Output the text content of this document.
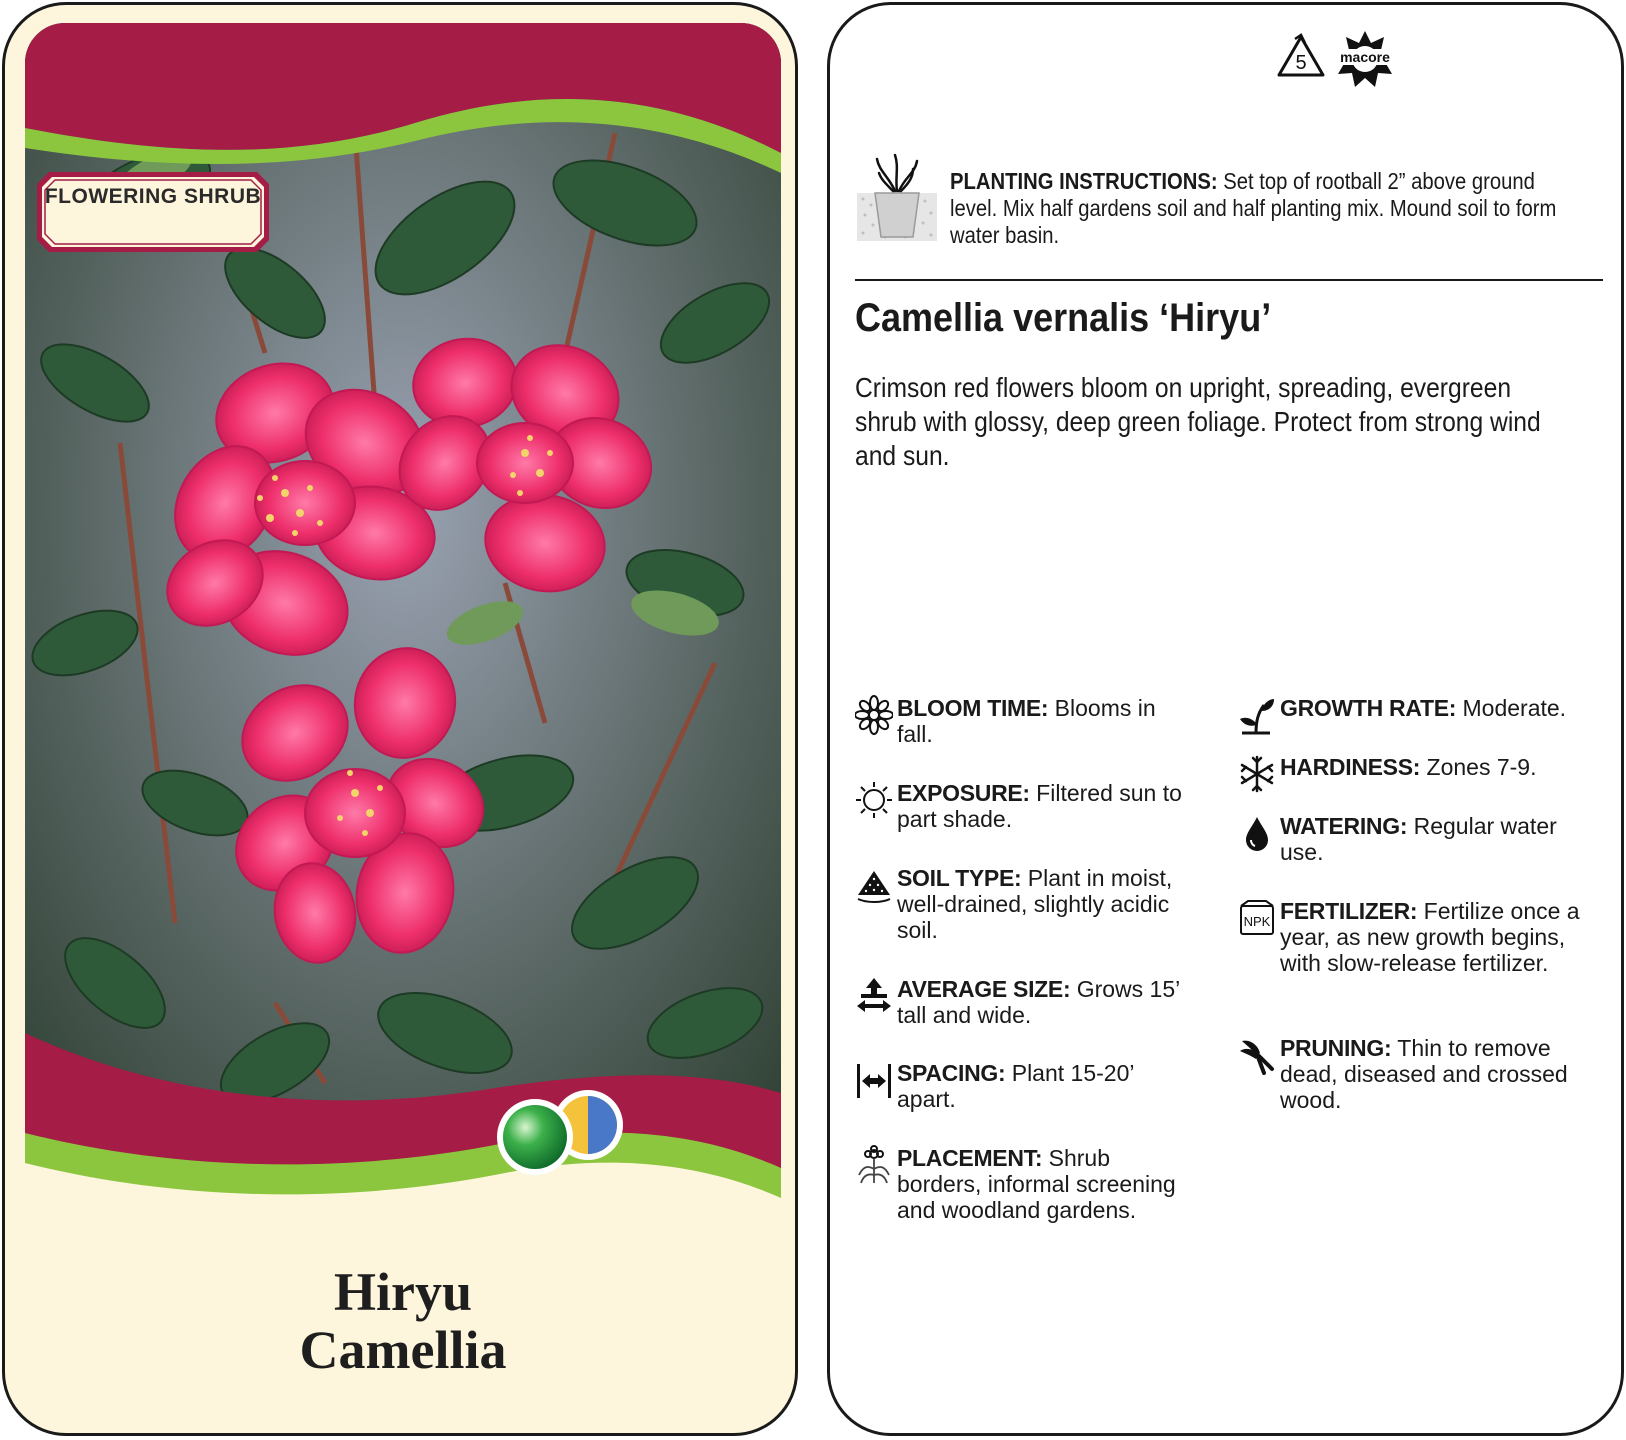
FLOWERING SHRUB
Hiryu
Camellia
5	macore
PLANTING INSTRUCTIONS: Set top of rootball 2” above ground level. Mix half gardens soil and half planting mix. Mound soil to form water basin.
Camellia vernalis ‘Hiryu’
Crimson red flowers bloom on upright, spreading, evergreen shrub with glossy, deep green foliage. Protect from strong wind and sun.
BLOOM TIME: Blooms in fall.
EXPOSURE: Filtered sun to part shade.
SOIL TYPE: Plant in moist, well-drained, slightly acidic soil.
AVERAGE SIZE: Grows 15’ tall and wide.
SPACING: Plant 15-20’ apart.
PLACEMENT: Shrub borders, informal screening and woodland gardens.
GROWTH RATE: Moderate.
HARDINESS: Zones 7-9.
WATERING: Regular water use.
NPK FERTILIZER: Fertilize once a year, as new growth begins, with slow-release fertilizer.
PRUNING: Thin to remove dead, diseased and crossed wood.
